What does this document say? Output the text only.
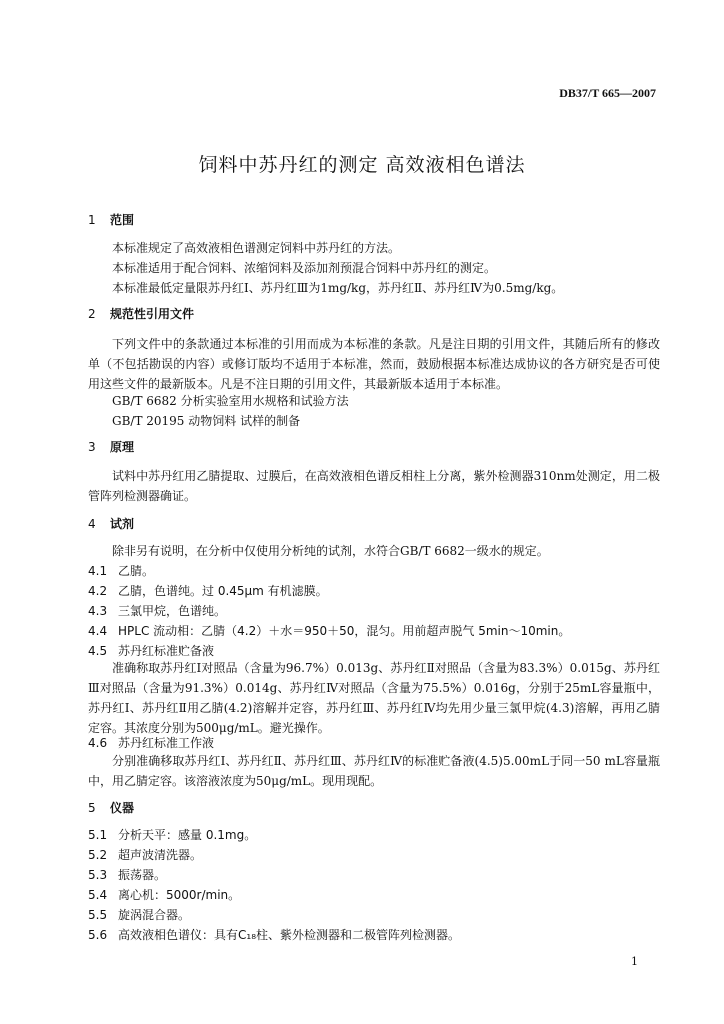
DB37/T 665—2007
饲料中苏丹红的测定 高效液相色谱法
1 范围
本标准规定了高效液相色谱测定饲料中苏丹红的方法。
本标准适用于配合饲料、浓缩饲料及添加剂预混合饲料中苏丹红的测定。
本标准最低定量限苏丹红Ⅰ、苏丹红Ⅲ为1mg/kg，苏丹红Ⅱ、苏丹红Ⅳ为0.5mg/kg。
2 规范性引用文件
下列文件中的条款通过本标准的引用而成为本标准的条款。凡是注日期的引用文件，其随后所有的修改单（不包括勘误的内容）或修订版均不适用于本标准，然而，鼓励根据本标准达成协议的各方研究是否可使用这些文件的最新版本。凡是不注日期的引用文件，其最新版本适用于本标准。
GB/T 6682 分析实验室用水规格和试验方法
GB/T 20195 动物饲料 试样的制备
3 原理
试料中苏丹红用乙腈提取、过膜后，在高效液相色谱反相柱上分离，紫外检测器310nm处测定，用二极管阵列检测器确证。
4 试剂
除非另有说明，在分析中仅使用分析纯的试剂，水符合GB/T 6682一级水的规定。
4.1 乙腈。
4.2 乙腈，色谱纯。过 0.45μm 有机滤膜。
4.3 三氯甲烷，色谱纯。
4.4 HPLC 流动相：乙腈（4.2）＋水＝950＋50，混匀。用前超声脱气 5min～10min。
4.5 苏丹红标准贮备液
准确称取苏丹红Ⅰ对照品（含量为96.7%）0.013g、苏丹红Ⅱ对照品（含量为83.3%）0.015g、苏丹红Ⅲ对照品（含量为91.3%）0.014g、苏丹红Ⅳ对照品（含量为75.5%）0.016g，分别于25mL容量瓶中，苏丹红Ⅰ、苏丹红Ⅱ用乙腈(4.2)溶解并定容，苏丹红Ⅲ、苏丹红Ⅳ均先用少量三氯甲烷(4.3)溶解，再用乙腈定容。其浓度分别为500μg/mL。避光操作。
4.6 苏丹红标准工作液
分别准确移取苏丹红Ⅰ、苏丹红Ⅱ、苏丹红Ⅲ、苏丹红Ⅳ的标准贮备液(4.5)5.00mL于同一50 mL容量瓶中，用乙腈定容。该溶液浓度为50μg/mL。现用现配。
5 仪器
5.1 分析天平：感量 0.1mg。
5.2 超声波清洗器。
5.3 振荡器。
5.4 离心机：5000r/min。
5.5 旋涡混合器。
5.6 高效液相色谱仪：具有C₁₈柱、紫外检测器和二极管阵列检测器。
1
